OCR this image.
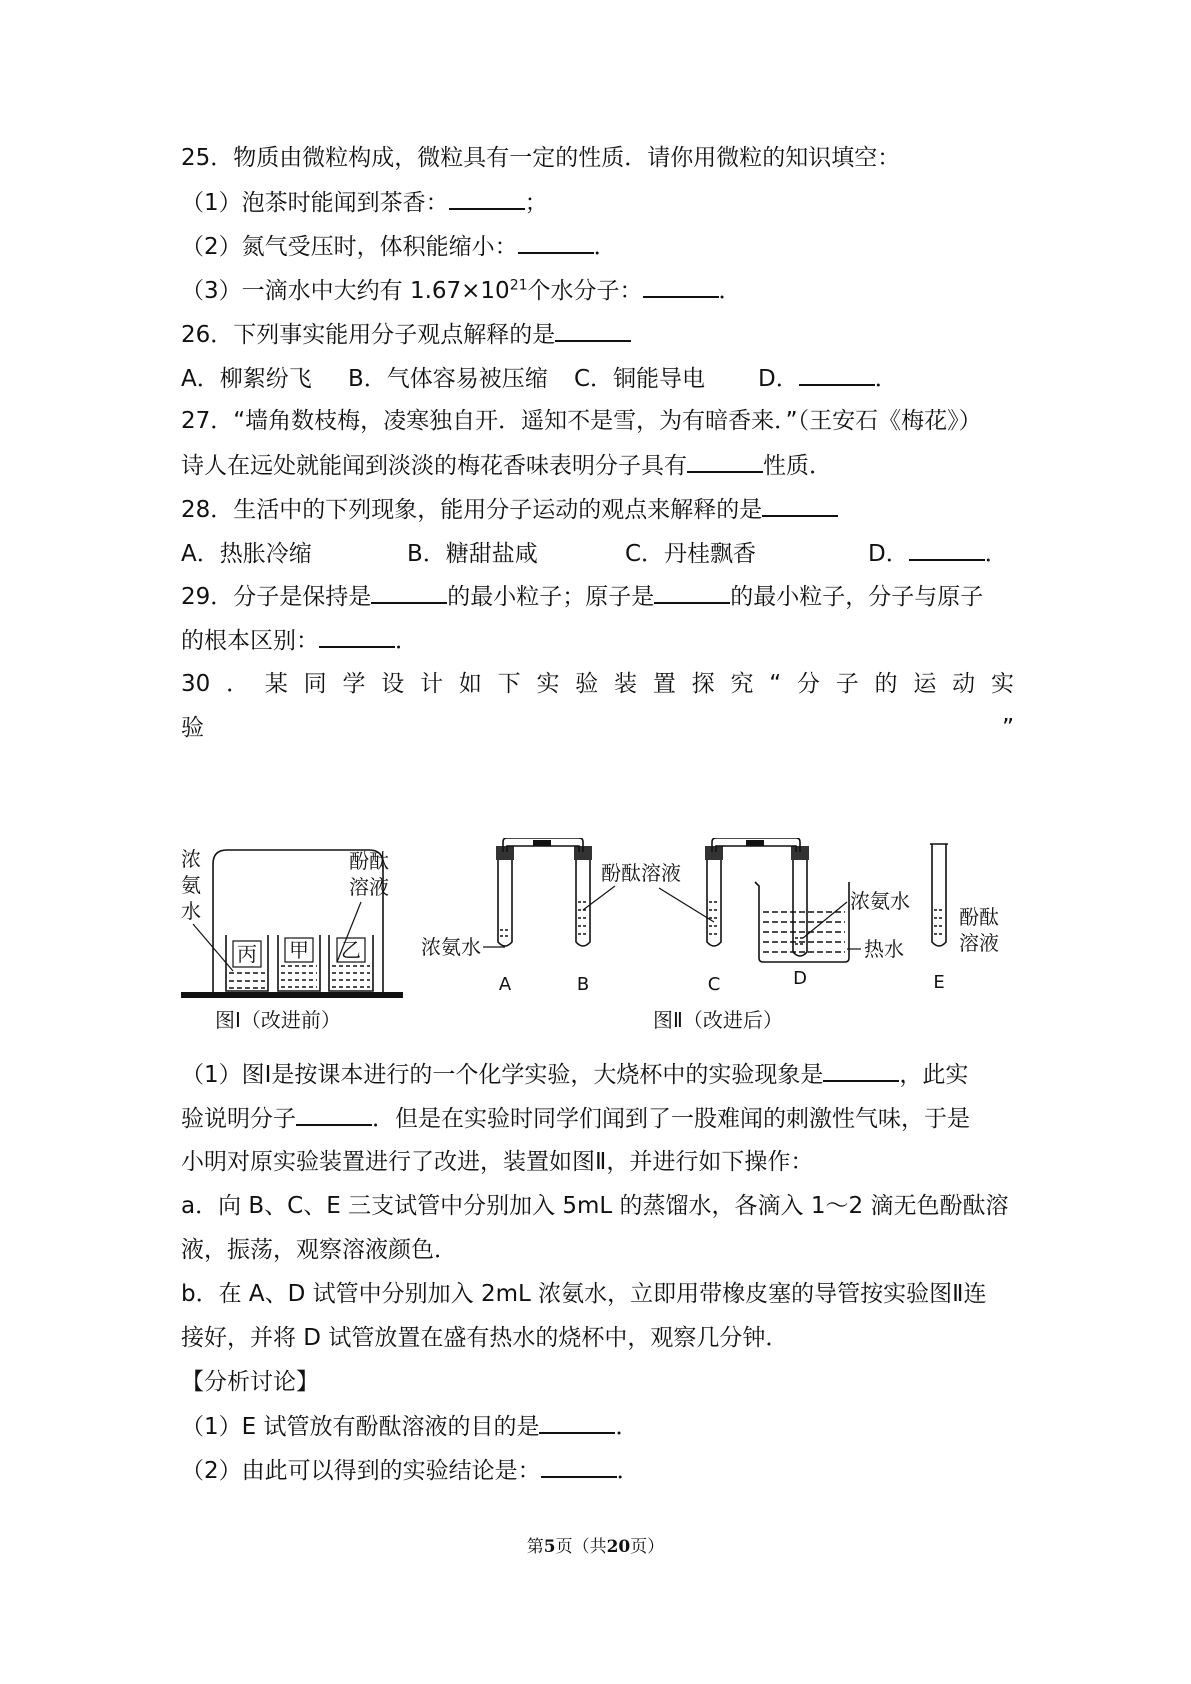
25．物质由微粒构成，微粒具有一定的性质．请你用微粒的知识填空：
（1）泡茶时能闻到茶香：	；
（2）氮气受压时，体积能缩小：	．
（3）一滴水中大约有 $1.67\times 10^{21}$个水分子：	．
26．下列事实能用分子观点解释的是
A．柳絮纷飞 B．气体容易被压缩 C．铜能导电 D．	．
27．“墙角数枝梅，凌寒独自开．遥知不是雪，为有暗香来．”（王安石《梅花》）
诗人在远处就能闻到淡淡的梅花香味表明分子具有	性质．
28．生活中的下列现象，能用分子运动的观点来解释的是
A．热胀冷缩	B．糖甜盐咸	C．丹桂飘香	D．	．
29．分子是保持是	的最小粒子；原子是	的最小粒子，分子与原子
的根本区别：	．
30 ． 某 同 学 设 计 如 下 实 验 装 置 探 究 “ 分 子 的 运 动 实
验	”
丙 甲 乙
浓
氨
水
酚酞
溶液
图Ⅰ（改进前）
酚酞溶液
浓氨水
浓氨水
热水
酚酞
溶液
A	B	C	D	E
图Ⅱ（改进后）
（1）图Ⅰ是按课本进行的一个化学实验，大烧杯中的实验现象是	，此实
验说明分子	．但是在实验时同学们闻到了一股难闻的刺激性气味，于是
小明对原实验装置进行了改进，装置如图Ⅱ，并进行如下操作：
a．向 B、C、E 三支试管中分别加入 5mL 的蒸馏水，各滴入 1～2 滴无色酚酞溶
液，振荡，观察溶液颜色．
b．在 A、D 试管中分别加入 2mL 浓氨水，立即用带橡皮塞的导管按实验图Ⅱ连
接好，并将 D 试管放置在盛有热水的烧杯中，观察几分钟．
【分析讨论】
（1）E 试管放有酚酞溶液的目的是	．
（2）由此可以得到的实验结论是：	．
第5页（共20页）
